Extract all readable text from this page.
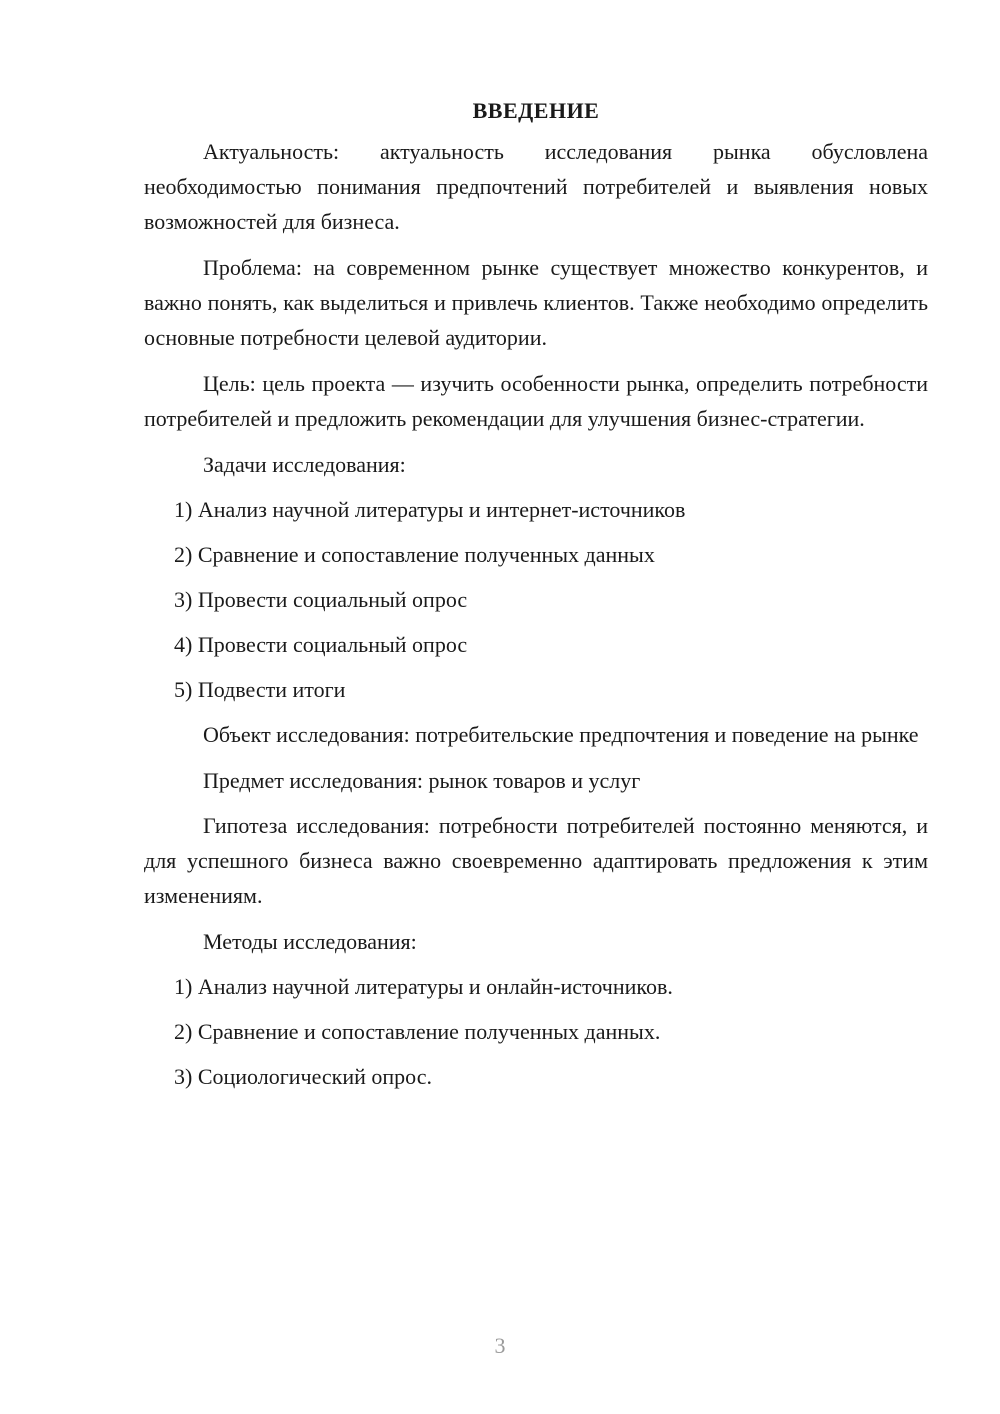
ВВЕДЕНИЕ

Актуальность: актуальность исследования рынка обусловлена необходимостью понимания предпочтений потребителей и выявления новых возможностей для бизнеса.

Проблема: на современном рынке существует множество конкурентов, и важно понять, как выделиться и привлечь клиентов. Также необходимо определить основные потребности целевой аудитории.

Цель: цель проекта — изучить особенности рынка, определить потребности потребителей и предложить рекомендации для улучшения бизнес-стратегии.

Задачи исследования:

1) Анализ научной литературы и интернет-источников

2) Сравнение и сопоставление полученных данных

3) Провести социальный опрос

4) Провести социальный опрос

5) Подвести итоги

Объект исследования: потребительские предпочтения и поведение на рынке

Предмет исследования: рынок товаров и услуг

Гипотеза исследования: потребности потребителей постоянно меняются, и для успешного бизнеса важно своевременно адаптировать предложения к этим изменениям.

Методы исследования:

1) Анализ научной литературы и онлайн-источников.

2) Сравнение и сопоставление полученных данных.

3) Социологический опрос.

3
